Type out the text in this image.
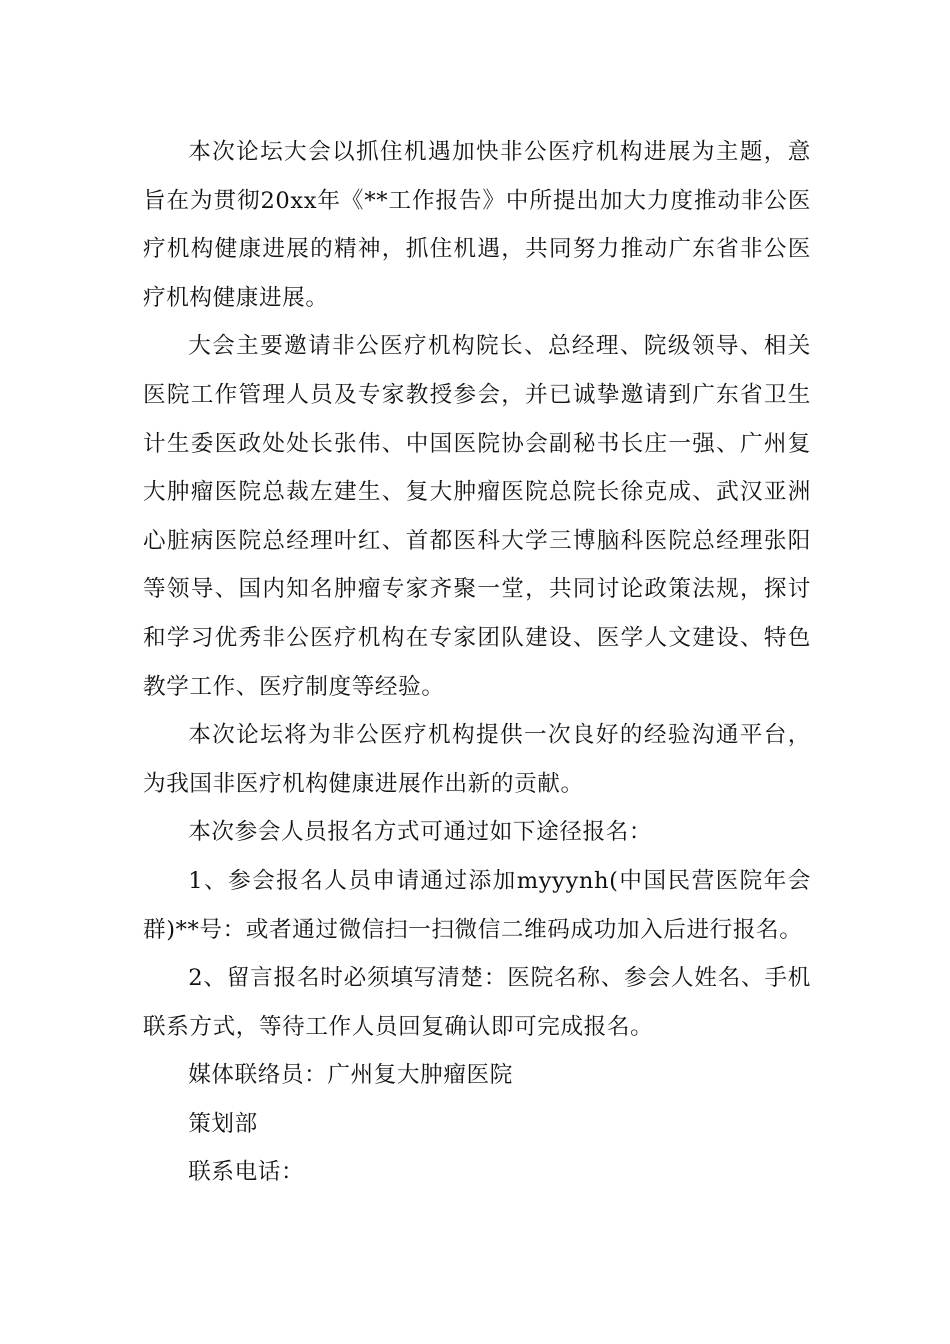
本次论坛大会以抓住机遇加快非公医疗机构进展为主题，意旨在为贯彻20xx年《**工作报告》中所提出加大力度推动非公医疗机构健康进展的精神，抓住机遇，共同努力推动广东省非公医疗机构健康进展。

大会主要邀请非公医疗机构院长、总经理、院级领导、相关医院工作管理人员及专家教授参会，并已诚挚邀请到广东省卫生计生委医政处处长张伟、中国医院协会副秘书长庄一强、广州复大肿瘤医院总裁左建生、复大肿瘤医院总院长徐克成、武汉亚洲心脏病医院总经理叶红、首都医科大学三博脑科医院总经理张阳等领导、国内知名肿瘤专家齐聚一堂，共同讨论政策法规，探讨和学习优秀非公医疗机构在专家团队建设、医学人文建设、特色教学工作、医疗制度等经验。

本次论坛将为非公医疗机构提供一次良好的经验沟通平台，为我国非医疗机构健康进展作出新的贡献。

本次参会人员报名方式可通过如下途径报名：

1、参会报名人员申请通过添加myyynh(中国民营医院年会群)**号：或者通过微信扫一扫微信二维码成功加入后进行报名。

2、留言报名时必须填写清楚：医院名称、参会人姓名、手机联系方式，等待工作人员回复确认即可完成报名。

媒体联络员：广州复大肿瘤医院

策划部

联系电话：
